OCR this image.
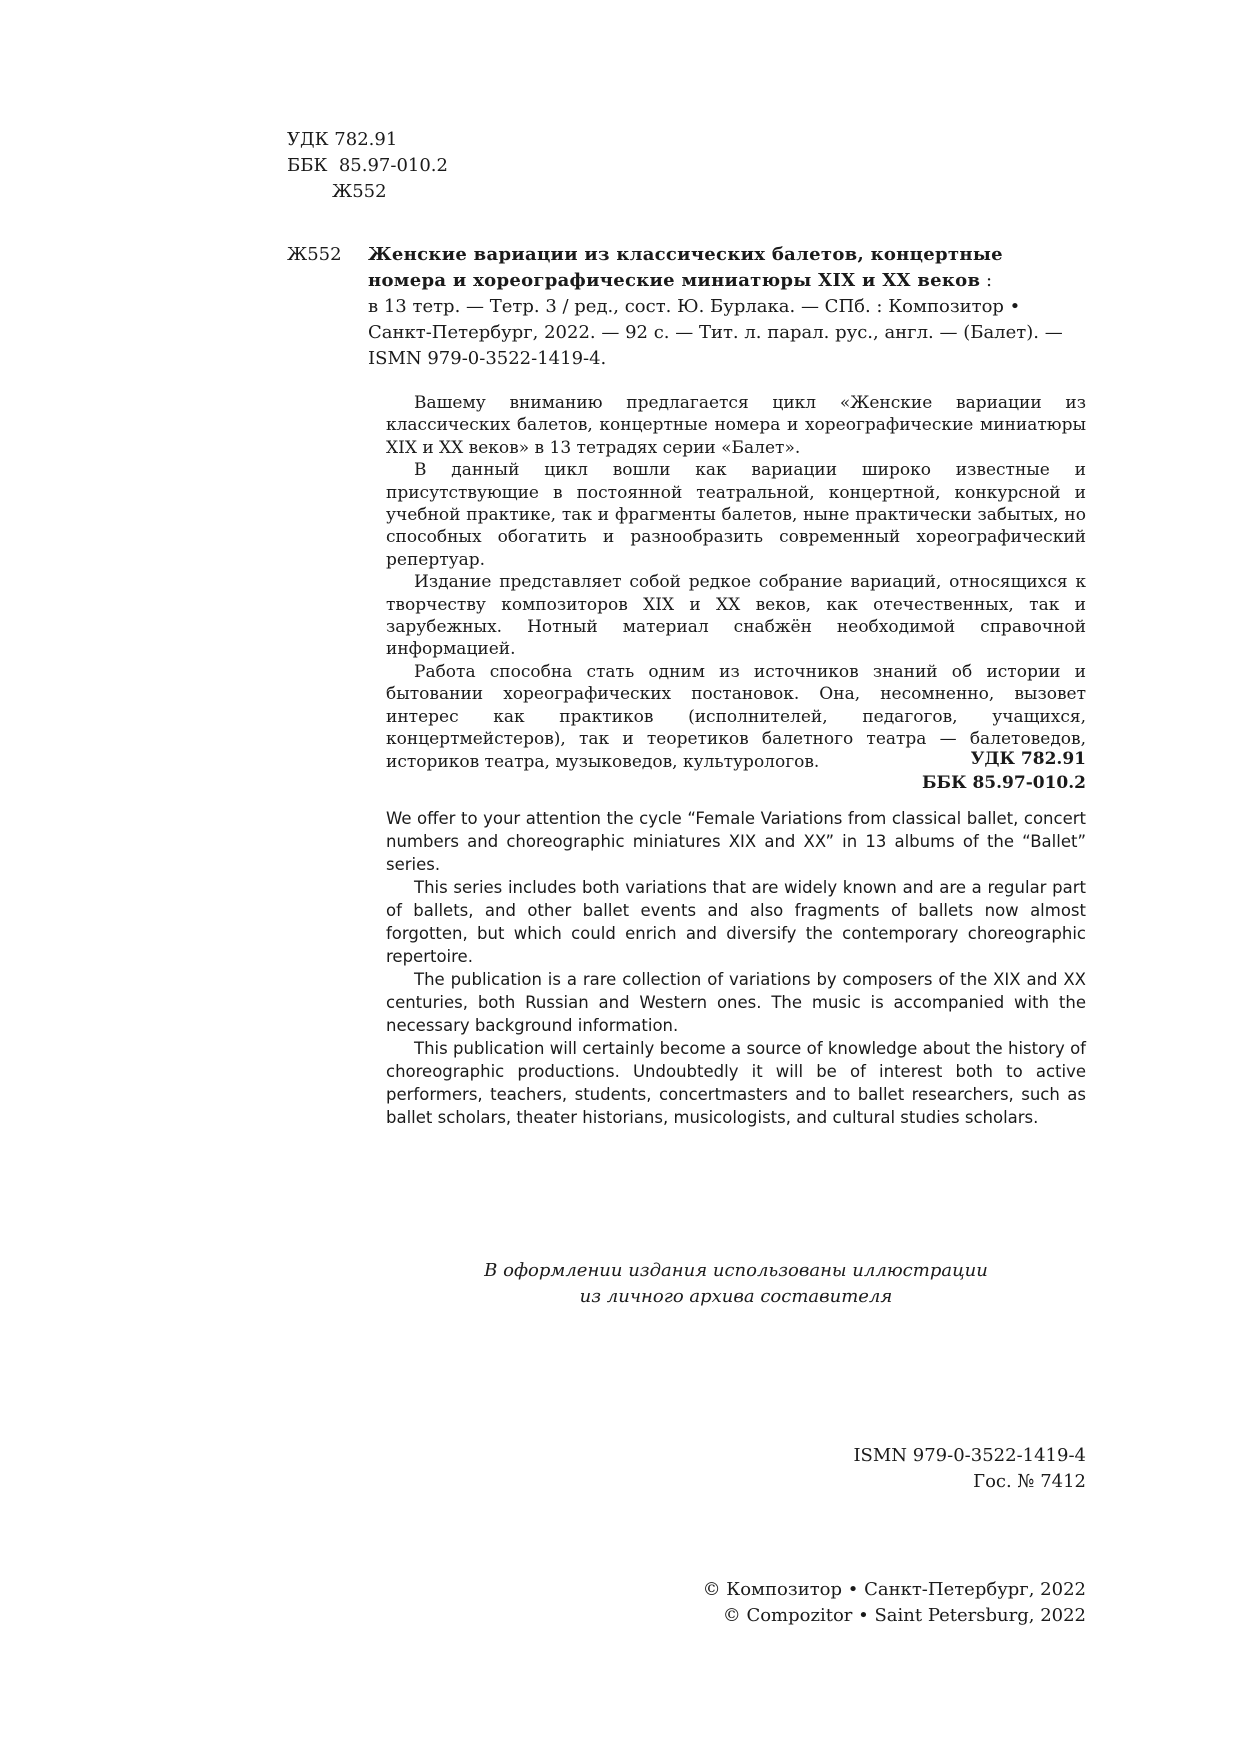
УДК 782.91
ББК  85.97-010.2
Ж552
Ж552 Женские вариации из классических балетов, концертные
номера и хореографические миниатюры XIX и XX веков :
в 13 тетр. — Тетр. 3 / ред., сост. Ю. Бурлака. — СПб. : Композитор •
Санкт-Петербург, 2022. — 92 с. — Тит. л. парал. рус., англ. — (Балет). —
ISMN 979-0-3522-1419-4.

Вашему вниманию предлагается цикл «Женские вариации из классических балетов, концертные номера и хореографические миниатюры XIX и XX веков» в 13 тетрадях серии «Балет».

В данный цикл вошли как вариации широко известные и присутствующие в постоянной театральной, концертной, конкурсной и учебной практике, так и фрагменты балетов, ныне практически забытых, но способных обогатить и разнообразить современный хореографический репертуар.

Издание представляет собой редкое собрание вариаций, относящихся к творчеству композиторов XIX и XX веков, как отечественных, так и зарубежных. Нотный материал снабжён необходимой справочной информацией.

Работа способна стать одним из источников знаний об истории и бытовании хореографических постановок. Она, несомненно, вызовет интерес как практиков (исполнителей, педагогов, учащихся, концертмейстеров), так и теоретиков балетного театра — балетоведов, историков театра, музыковедов, культурологов.	УДК 782.91
ББК 85.97-010.2

We offer to your attention the cycle “Female Variations from classical ballet, concert numbers and choreographic miniatures XIX and XX” in 13 albums of the “Ballet” series.

This series includes both variations that are widely known and are a regular part of ballets, and other ballet events and also fragments of ballets now almost forgotten, but which could enrich and diversify the contemporary choreographic repertoire.

The publication is a rare collection of variations by composers of the XIX and XX centuries, both Russian and Western ones. The music is accompanied with the necessary background information.

This publication will certainly become a source of knowledge about the history of choreographic productions. Undoubtedly it will be of interest both to active performers, teachers, students, concertmasters and to ballet researchers, such as ballet scholars, theater historians, musicologists, and cultural studies scholars.

В оформлении издания использованы иллюстрации
из личного архива составителя
ISMN 979-0-3522-1419-4
Гос. № 7412
© Композитор • Санкт-Петербург, 2022
© Compozitor • Saint Petersburg, 2022
